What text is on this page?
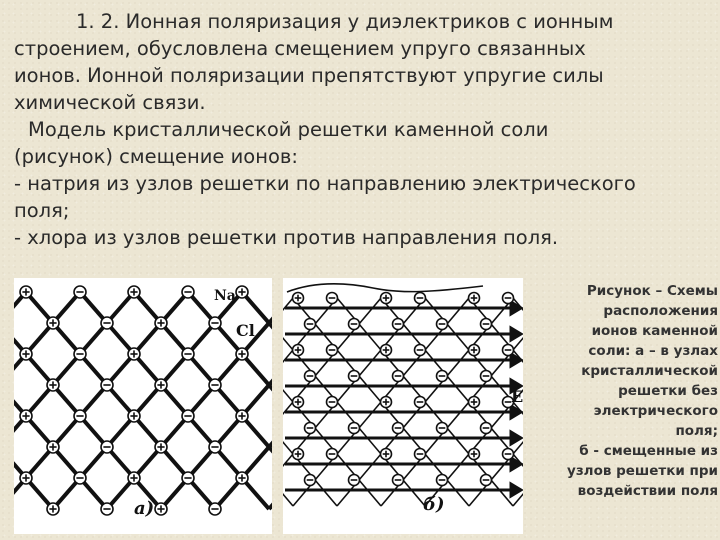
1. 2. Ионная поляризация у диэлектриков с ионным

строением, обусловлена смещением упруго связанных

ионов. Ионной поляризации препятствуют упругие силы

химической связи.

Модель кристаллической решетки каменной соли

(рисунок) смещение ионов:

- натрия из узлов решетки по направлению электрического

поля;

- хлора из узлов решетки против направления поля.

Na
Cl
а)	б)
E
Рисунок – Схемы
расположения
ионов каменной
соли: а – в узлах
кристаллической
решетки без
электрического
поля;
б - смещенные из
узлов решетки при
воздействии поля
